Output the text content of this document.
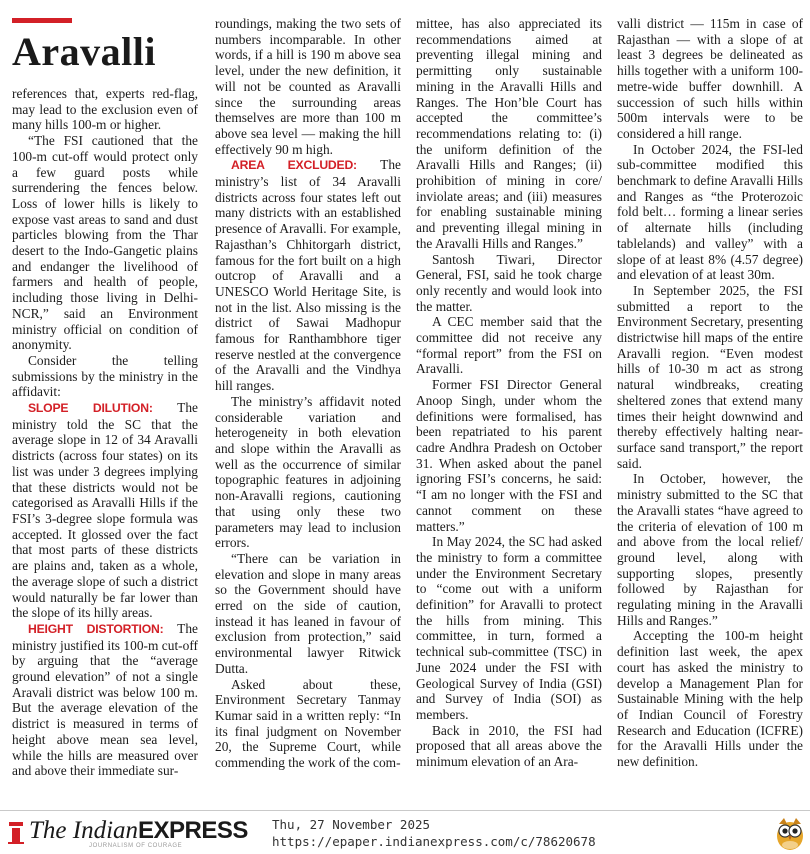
Aravalli

references that, experts red-flag, may lead to the exclusion even of many hills 100-m or higher.

“The FSI cautioned that the 100-m cut-off would protect only a few guard posts while surrendering the fences below. Loss of lower hills is likely to expose vast areas to sand and dust particles blowing from the Thar desert to the Indo-Gangetic plains and endanger the livelihood of farmers and health of people, including those living in Delhi-NCR,” said an Environment ministry official on condition of anonymity.

Consider the telling submissions by the ministry in the affidavit:

SLOPE DILUTION: The ministry told the SC that the average slope in 12 of 34 Aravalli districts (across four states) on its list was under 3 degrees implying that these districts would not be categorised as Aravalli Hills if the FSI’s 3-degree slope formula was accepted. It glossed over the fact that most parts of these districts are plains and, taken as a whole, the average slope of such a district would naturally be far lower than the slope of its hilly areas.

HEIGHT DISTORTION: The ministry justified its 100-m cut-off by arguing that the “average ground elevation” of not a single Aravali district was below 100 m. But the average elevation of the district is measured in terms of height above mean sea level, while the hills are measured over and above their immediate sur-

roundings, making the two sets of numbers incomparable. In other words, if a hill is 190 m above sea level, under the new definition, it will not be counted as Aravalli since the surrounding areas themselves are more than 100 m above sea level — making the hill effectively 90 m high.

AREA EXCLUDED: The ministry’s list of 34 Aravalli districts across four states left out many districts with an established presence of Aravalli. For example, Rajasthan’s Chhitorgarh district, famous for the fort built on a high outcrop of Aravalli and a UNESCO World Heritage Site, is not in the list. Also missing is the district of Sawai Madhopur famous for Ranthambhore tiger reserve nestled at the convergence of the Aravalli and the Vindhya hill ranges.

The ministry’s affidavit noted considerable variation and heterogeneity in both elevation and slope within the Aravalli as well as the occurrence of similar topographic features in adjoining non-Aravalli regions, cautioning that using only these two parameters may lead to inclusion errors.

“There can be variation in elevation and slope in many areas so the Government should have erred on the side of caution, instead it has leaned in favour of exclusion from protection,” said environmental lawyer Ritwick Dutta.

Asked about these, Environment Secretary Tanmay Kumar said in a written reply: “In its final judgment on November 20, the Supreme Court, while commending the work of the com-

mittee, has also appreciated its recommendations aimed at preventing illegal mining and permitting only sustainable mining in the Aravalli Hills and Ranges. The Hon’ble Court has accepted the committee’s recommendations relating to: (i) the uniform definition of the Aravalli Hills and Ranges; (ii) prohibition of mining in core/ inviolate areas; and (iii) measures for enabling sustainable mining and preventing illegal mining in the Aravalli Hills and Ranges.”

Santosh Tiwari, Director General, FSI, said he took charge only recently and would look into the matter.

A CEC member said that the committee did not receive any “formal report” from the FSI on Aravalli.

Former FSI Director General Anoop Singh, under whom the definitions were formalised, has been repatriated to his parent cadre Andhra Pradesh on October 31. When asked about the panel ignoring FSI’s concerns, he said: “I am no longer with the FSI and cannot comment on these matters.”

In May 2024, the SC had asked the ministry to form a committee under the Environment Secretary to “come out with a uniform definition” for Aravalli to protect the hills from mining. This committee, in turn, formed a technical sub-committee (TSC) in June 2024 under the FSI with Geological Survey of India (GSI) and Survey of India (SOI) as members.

Back in 2010, the FSI had proposed that all areas above the minimum elevation of an Ara-

valli district — 115m in case of Rajasthan — with a slope of at least 3 degrees be delineated as hills together with a uniform 100-metre-wide buffer downhill. A succession of such hills within 500m intervals were to be considered a hill range.

In October 2024, the FSI-led sub-committee modified this benchmark to define Aravalli Hills and Ranges as “the Proterozoic fold belt… forming a linear series of alternate hills (including tablelands) and valley” with a slope of at least 8% (4.57 degree) and elevation of at least 30m.

In September 2025, the FSI submitted a report to the Environment Secretary, presenting districtwise hill maps of the entire Aravalli region. “Even modest hills of 10-30 m act as strong natural windbreaks, creating sheltered zones that extend many times their height downwind and thereby effectively halting near-surface sand transport,” the report said.

In October, however, the ministry submitted to the SC that the Aravalli states “have agreed to the criteria of elevation of 100 m and above from the local relief/ ground level, along with supporting slopes, presently followed by Rajasthan for regulating mining in the Aravalli Hills and Ranges.”

Accepting the 100-m height definition last week, the apex court has asked the ministry to develop a Management Plan for Sustainable Mining with the help of Indian Council of Forestry Research and Education (ICFRE) for the Aravalli Hills under the new definition.

The IndianEXPRESS
JOURNALISM OF COURAGE
Thu, 27 November 2025
https://epaper.indianexpress.com/c/78620678
